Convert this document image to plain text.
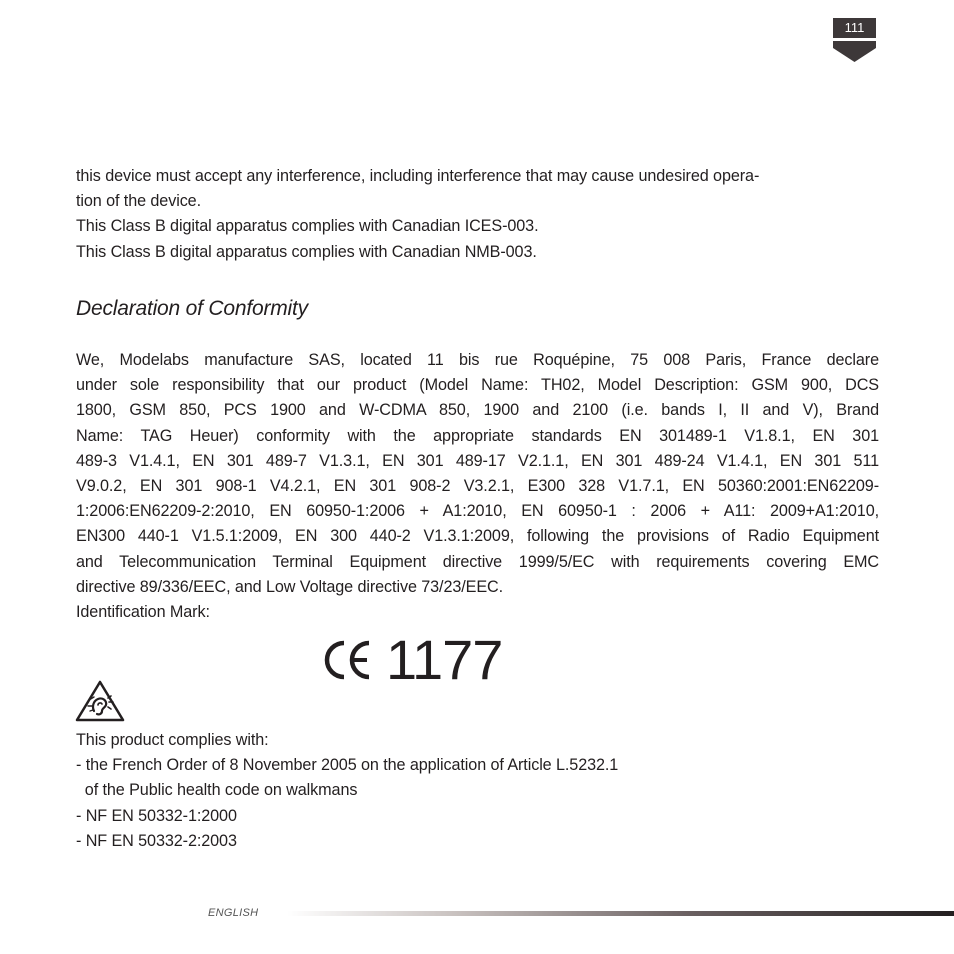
111
this device must accept any interference, including interference that may cause undesired opera-
tion of the device.
This Class B digital apparatus complies with Canadian ICES-003.
This Class B digital apparatus complies with Canadian NMB-003.
Declaration of Conformity
We, Modelabs manufacture SAS, located 11 bis rue Roquépine, 75 008 Paris, France declare
under sole responsibility that our product (Model Name: TH02, Model Description: GSM 900, DCS
1800, GSM 850, PCS 1900 and W-CDMA 850, 1900 and 2100 (i.e. bands I, II and V), Brand
Name: TAG Heuer) conformity with the appropriate standards EN 301489-1 V1.8.1, EN 301
489-3 V1.4.1, EN 301 489-7 V1.3.1, EN 301 489-17 V2.1.1, EN 301 489-24 V1.4.1, EN 301 511
V9.0.2, EN 301 908-1 V4.2.1, EN 301 908-2 V3.2.1, E300 328 V1.7.1, EN 50360:2001:EN62209-
1:2006:EN62209-2:2010, EN 60950-1:2006 + A1:2010, EN 60950-1 : 2006 + A11: 2009+A1:2010,
EN300 440-1 V1.5.1:2009, EN 300 440-2 V1.3.1:2009, following the provisions of Radio Equipment
and Telecommunication Terminal Equipment directive 1999/5/EC with requirements covering EMC
directive 89/336/EEC, and Low Voltage directive 73/23/EEC.
Identification Mark:
1177
This product complies with:
- the French Order of 8 November 2005 on the application of Article L.5232.1
of the Public health code on walkmans
- NF EN 50332-1:2000
- NF EN 50332-2:2003
ENGLISH
